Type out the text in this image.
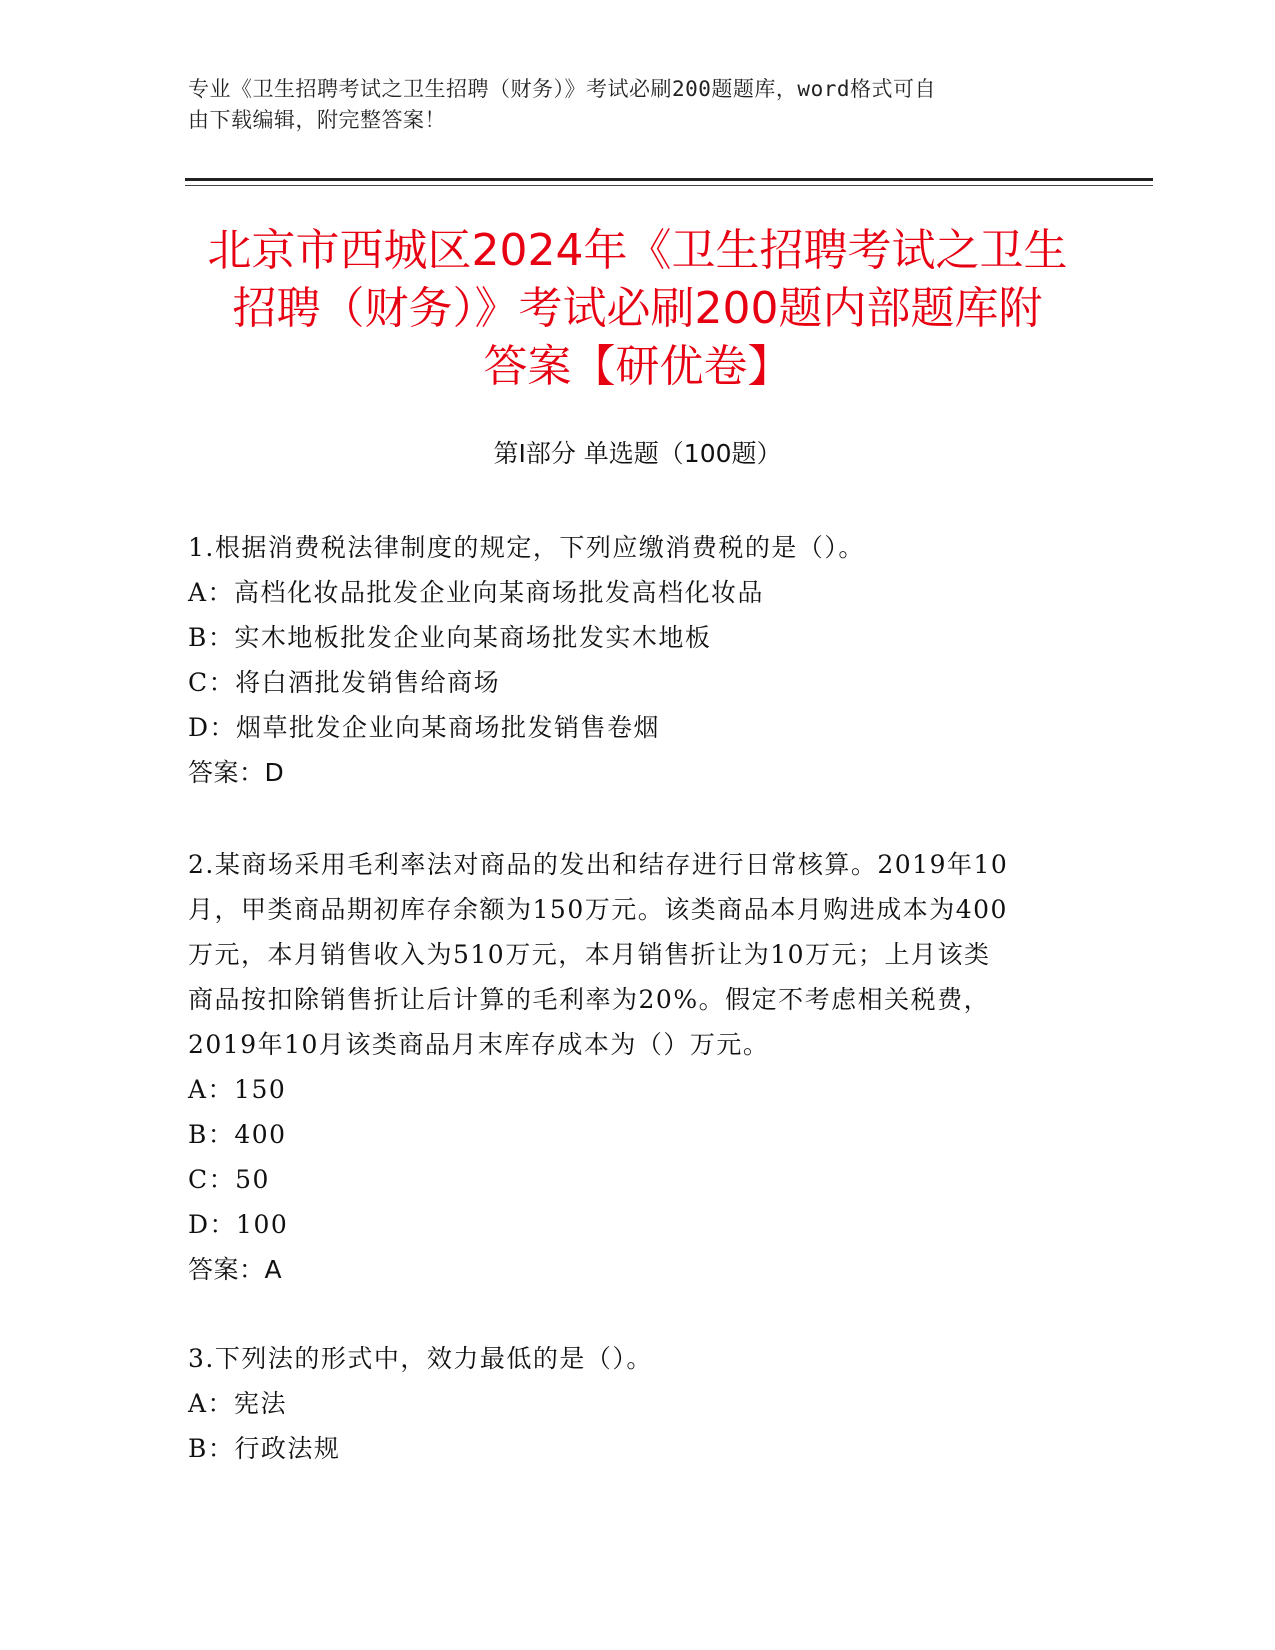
专业《卫生招聘考试之卫生招聘（财务）》考试必刷200题题库，word格式可自
由下载编辑，附完整答案！
北京市西城区2024年《卫生招聘考试之卫生
招聘（财务）》考试必刷200题内部题库附
答案【研优卷】
第Ⅰ部分 单选题（100题）
1.根据消费税法律制度的规定，下列应缴消费税的是（）。
A：高档化妆品批发企业向某商场批发高档化妆品
B：实木地板批发企业向某商场批发实木地板
C：将白酒批发销售给商场
D：烟草批发企业向某商场批发销售卷烟
答案：D
2.某商场采用毛利率法对商品的发出和结存进行日常核算。2019年10
月，甲类商品期初库存余额为150万元。该类商品本月购进成本为400
万元，本月销售收入为510万元，本月销售折让为10万元；上月该类
商品按扣除销售折让后计算的毛利率为20%。假定不考虑相关税费，
2019年10月该类商品月末库存成本为（）万元。
A：150
B：400
C：50
D：100
答案：A
3.下列法的形式中，效力最低的是（）。
A：宪法
B：行政法规
